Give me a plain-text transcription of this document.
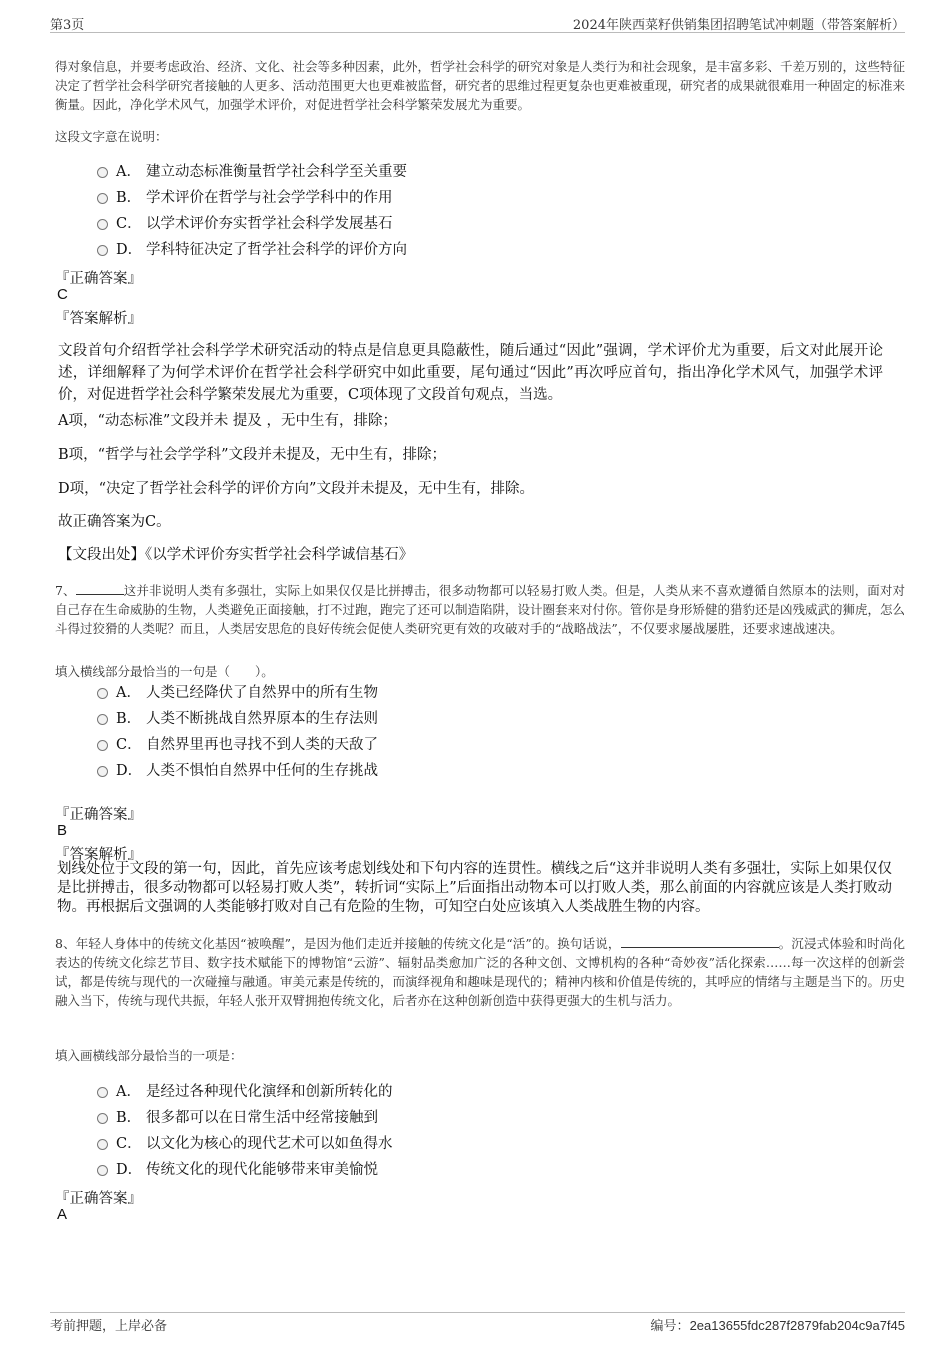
第3页	2024年陕西菜籽供销集团招聘笔试冲刺题（带答案解析）
得对象信息，并要考虑政治、经济、文化、社会等多种因素，此外，哲学社会科学的研究对象是人类行为和社会现象，是丰富多彩、千差万别的，这些特征决定了哲学社会科学研究者接触的人更多、活动范围更大也更难被监督，研究者的思维过程更复杂也更难被重现，研究者的成果就很难用一种固定的标准来衡量。因此，净化学术风气，加强学术评价，对促进哲学社会科学繁荣发展尤为重要。
这段文字意在说明：
A． 建立动态标准衡量哲学社会科学至关重要
B． 学术评价在哲学与社会学学科中的作用
C． 以学术评价夯实哲学社会科学发展基石
D． 学科特征决定了哲学社会科学的评价方向
『正确答案』
C
『答案解析』
文段首句介绍哲学社会科学学术研究活动的特点是信息更具隐蔽性，随后通过“因此”强调，学术评价尤为重要，后文对此展开论述，详细解释了为何学术评价在哲学社会科学研究中如此重要，尾句通过“因此”再次呼应首句，指出净化学术风气，加强学术评价，对促进哲学社会科学繁荣发展尤为重要，C项体现了文段首句观点，当选。
A项，“动态标准”文段并未 提及 ，无中生有，排除；
B项，“哲学与社会学学科”文段并未提及，无中生有，排除；
D项，“决定了哲学社会科学的评价方向”文段并未提及，无中生有，排除。
故正确答案为C。
【文段出处】《以学术评价夯实哲学社会科学诚信基石》
7、	这并非说明人类有多强壮，实际上如果仅仅是比拼搏击，很多动物都可以轻易打败人类。但是，人类从来不喜欢遵循自然原本的法则，面对对自己存在生命威胁的生物，人类避免正面接触，打不过跑，跑完了还可以制造陷阱，设计圈套来对付你。管你是身形矫健的猎豹还是凶残威武的狮虎，怎么斗得过狡猾的人类呢？而且，人类居安思危的良好传统会促使人类研究更有效的攻破对手的“战略战法”，不仅要求屡战屡胜，还要求速战速决。
填入横线部分最恰当的一句是（　　）。
A． 人类已经降伏了自然界中的所有生物
B． 人类不断挑战自然界原本的生存法则
C． 自然界里再也寻找不到人类的天敌了
D． 人类不惧怕自然界中任何的生存挑战
『正确答案』
B
『答案解析』
划线处位于文段的第一句，因此，首先应该考虑划线处和下句内容的连贯性。横线之后“这并非说明人类有多强壮，实际上如果仅仅是比拼搏击，很多动物都可以轻易打败人类”，转折词“实际上”后面指出动物本可以打败人类，那么前面的内容就应该是人类打败动物。再根据后文强调的人类能够打败对自己有危险的生物，可知空白处应该填入人类战胜生物的内容。
8、年轻人身体中的传统文化基因“被唤醒”，是因为他们走近并接触的传统文化是“活”的。换句话说，	。沉浸式体验和时尚化表达的传统文化综艺节目、数字技术赋能下的博物馆“云游”、辐射品类愈加广泛的各种文创、文博机构的各种“奇妙夜”活化探索……每一次这样的创新尝试，都是传统与现代的一次碰撞与融通。审美元素是传统的，而演绎视角和趣味是现代的；精神内核和价值是传统的，其呼应的情绪与主题是当下的。历史融入当下，传统与现代共振，年轻人张开双臂拥抱传统文化，后者亦在这种创新创造中获得更强大的生机与活力。
填入画横线部分最恰当的一项是：
A． 是经过各种现代化演绎和创新所转化的
B． 很多都可以在日常生活中经常接触到
C． 以文化为核心的现代艺术可以如鱼得水
D． 传统文化的现代化能够带来审美愉悦
『正确答案』
A
考前押题，上岸必备	编号：2ea13655fdc287f2879fab204c9a7f45
